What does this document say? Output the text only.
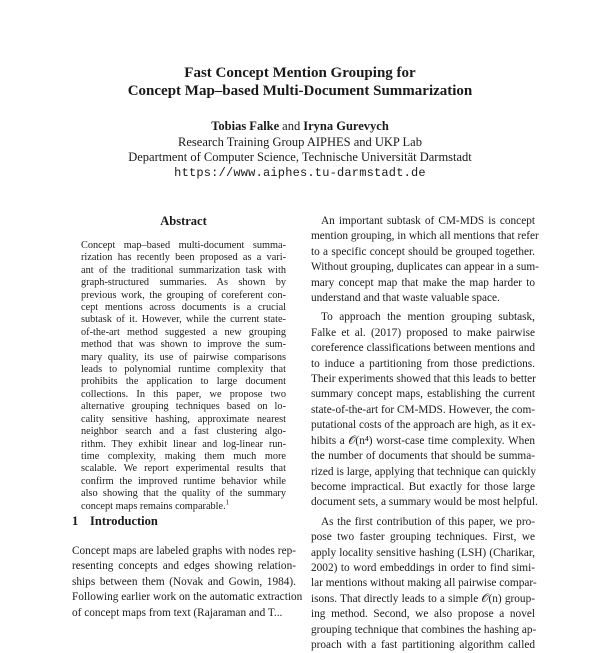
Fast Concept Mention Grouping for
Concept Map–based Multi-Document Summarization
Tobias Falke and Iryna Gurevych
Research Training Group AIPHES and UKP Lab
Department of Computer Science, Technische Universität Darmstadt
https://www.aiphes.tu-darmstadt.de
Abstract
Concept map–based multi-document summa-
rization has recently been proposed as a vari-
ant of the traditional summarization task with
graph-structured summaries. As shown by
previous work, the grouping of coreferent con-
cept mentions across documents is a crucial
subtask of it. However, while the current state-
of-the-art method suggested a new grouping
method that was shown to improve the sum-
mary quality, its use of pairwise comparisons
leads to polynomial runtime complexity that
prohibits the application to large document
collections. In this paper, we propose two
alternative grouping techniques based on lo-
cality sensitive hashing, approximate nearest
neighbor search and a fast clustering algo-
rithm. They exhibit linear and log-linear run-
time complexity, making them much more
scalable. We report experimental results that
confirm the improved runtime behavior while
also showing that the quality of the summary
concept maps remains comparable.$^1$
1 Introduction
Concept maps are labeled graphs with nodes rep-
resenting concepts and edges showing relation-
ships between them (Novak and Gowin, 1984).
Following earlier work on the automatic extraction
of concept maps from text (Rajaraman and T...
An important subtask of CM-MDS is concept
mention grouping, in which all mentions that refer
to a specific concept should be grouped together.
Without grouping, duplicates can appear in a sum-
mary concept map that make the map harder to
understand and that waste valuable space.
To approach the mention grouping subtask,
Falke et al. (2017) proposed to make pairwise
coreference classifications between mentions and
to induce a partitioning from those predictions.
Their experiments showed that this leads to better
summary concept maps, establishing the current
state-of-the-art for CM-MDS. However, the com-
putational costs of the approach are high, as it ex-
hibits a 𝒪(n⁴) worst-case time complexity. When
the number of documents that should be summa-
rized is large, applying that technique can quickly
become impractical. But exactly for those large
document sets, a summary would be most helpful.
As the first contribution of this paper, we pro-
pose two faster grouping techniques. First, we
apply locality sensitive hashing (LSH) (Charikar,
2002) to word embeddings in order to find simi-
lar mentions without making all pairwise compar-
isons. That directly leads to a simple 𝒪(n) group-
ing method. Second, we also propose a novel
grouping technique that combines the hashing ap-
proach with a fast partitioning algorithm called
